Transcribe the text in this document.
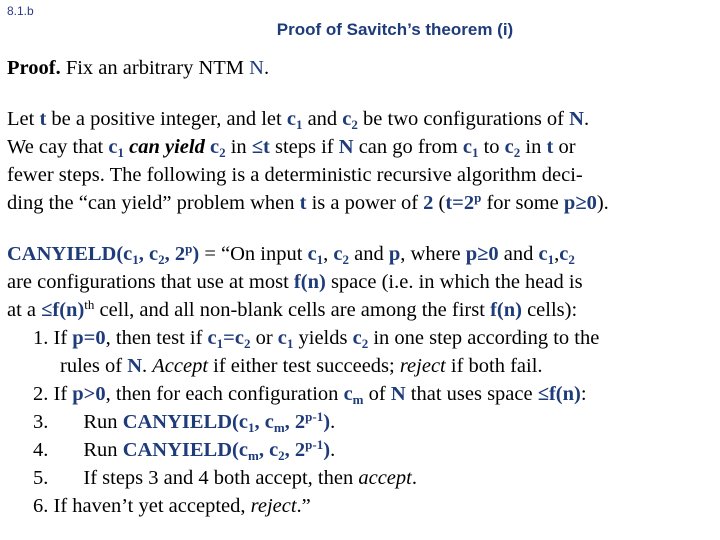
8.1.b
Proof of Savitch’s theorem (i)
Proof. Fix an arbitrary NTM N.
Let t be a positive integer, and let $c_1$ and $c_2$ be two configurations of N.
We cay that $c_1$ can yield $c_2$ in ≤t steps if N can go from $c_1$ to $c_2$ in t or
fewer steps. The following is a deterministic recursive algorithm deci-
ding the “can yield” problem when t is a power of 2 ($t=2^p$ for some p≥0).
$CANYIELD(c_1$, $c_2$, $2^p$) = “On input $c_1$, $c_2$ and p, where p≥0 and $c_1,c_2$
are configurations that use at most f(n) space (i.e. in which the head is
at $a \le f(n)^{th}$ cell, and all non-blank cells are among the first f(n) cells):
1. If p=0, then test if $c_1=c_2$ or $c_1$ yields $c_2$ in one step according to the
rules of N. Accept if either test succeeds; reject if both fail.
2. If p>0, then for each configuration $c_m$ of N that uses space ≤f(n):
3. Run $CANYIELD(c_1$, $c_m$, 2$^{p-1}$).
4. Run $CANYIELD(c_m$, $c_2$, 2$^{p-1}$).
5. If steps 3 and 4 both accept, then accept.
6. If haven’t yet accepted, reject.”
